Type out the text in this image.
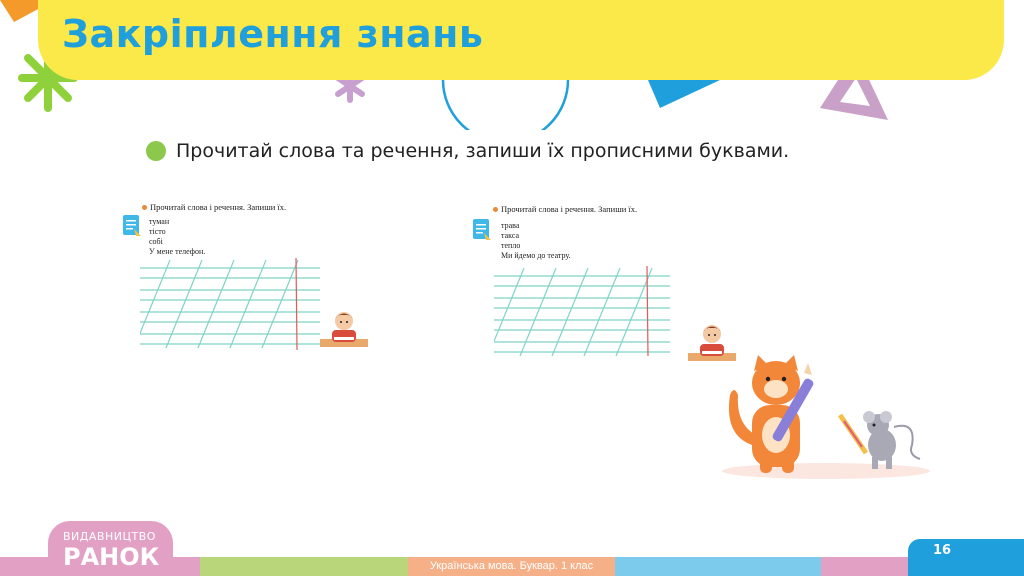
Закріплення знань
Прочитай слова та речення, запиши їх прописними буквами.
Прочитай слова і речення. Запиши їх.
туман
тісто
собі
У мене телефон.
Прочитай слова і речення. Запиши їх.
трава
такса
тепло
Ми йдемо до театру.
Українська мова. Буквар. 1 клас
ВИДАВНИЦТВО
РАНОК	16
